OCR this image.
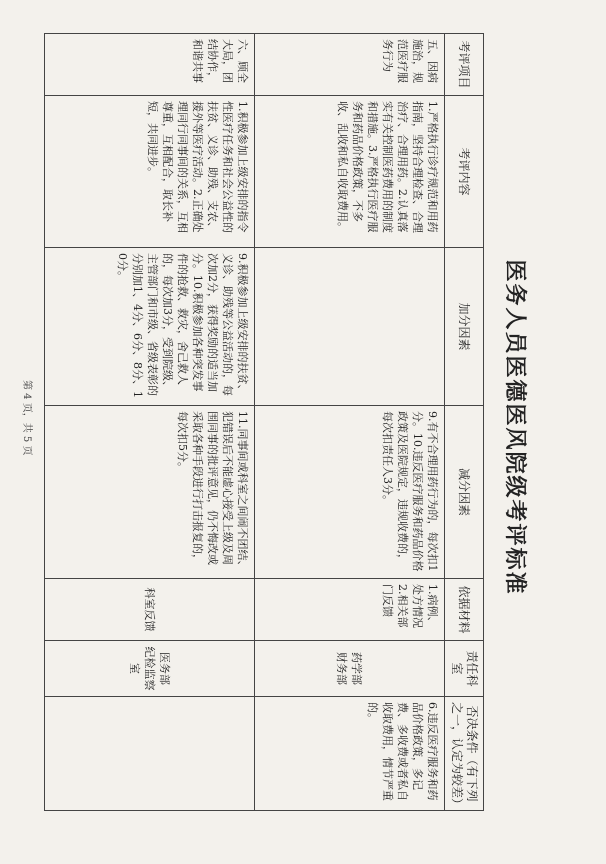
医务人员医德医风院级考评标准
考评项目	考评内容	加分因素	减分因素	依据材料	责任科室	否决条件（有下列之一，认定为较差）
五、因病施治，规范医疗服务行为	1.严格执行诊疗规范和用药指南，坚持合理检查、合理治疗、合理用药。2.认真落实有关控制医药费用的制度和措施。3.严格执行医疗服务和药品价格政策，不多收、乱收和私自收取费用。		9.有不合理用药行为的，每次扣1分。10.违反医疗服务和药品价格政策及医院规定，违规收费的，每次扣责任人3分。	1.病例、处方情况 2.相关部门反馈	药学部 财务部	6.违反医疗服务和药品价格政策，多记费、多收费或者私自收取费用，情节严重的。
六、顾全大局，团结协作，和谐共事	1.积极参加上级安排的指令性医疗任务和社会公益性的扶贫、义诊、助残、支农、援外等医疗活动。2.正确处理同行同事间的关系，互相尊重，互相配合，取长补短，共同进步。	9.积极参加上级安排的扶贫、义诊、助残等公益活动的，每次加2分，获得奖励的适当加分。10.积极参加各种突发事件的抢救、救灾，舍己救人的，每次加3分，受到院级、主管部门和市级、省级表彰的分别加1、4分、6分、8分、10分。	11.同事间或科室之间闹不团结、犯错误后不能虚心接受上级及周围同事的批评意见，仍不悔改或采取各种手段进行打击报复的，每次扣5分。	科室反馈	医务部 纪检监察室	
第 4 页，共 5 页
